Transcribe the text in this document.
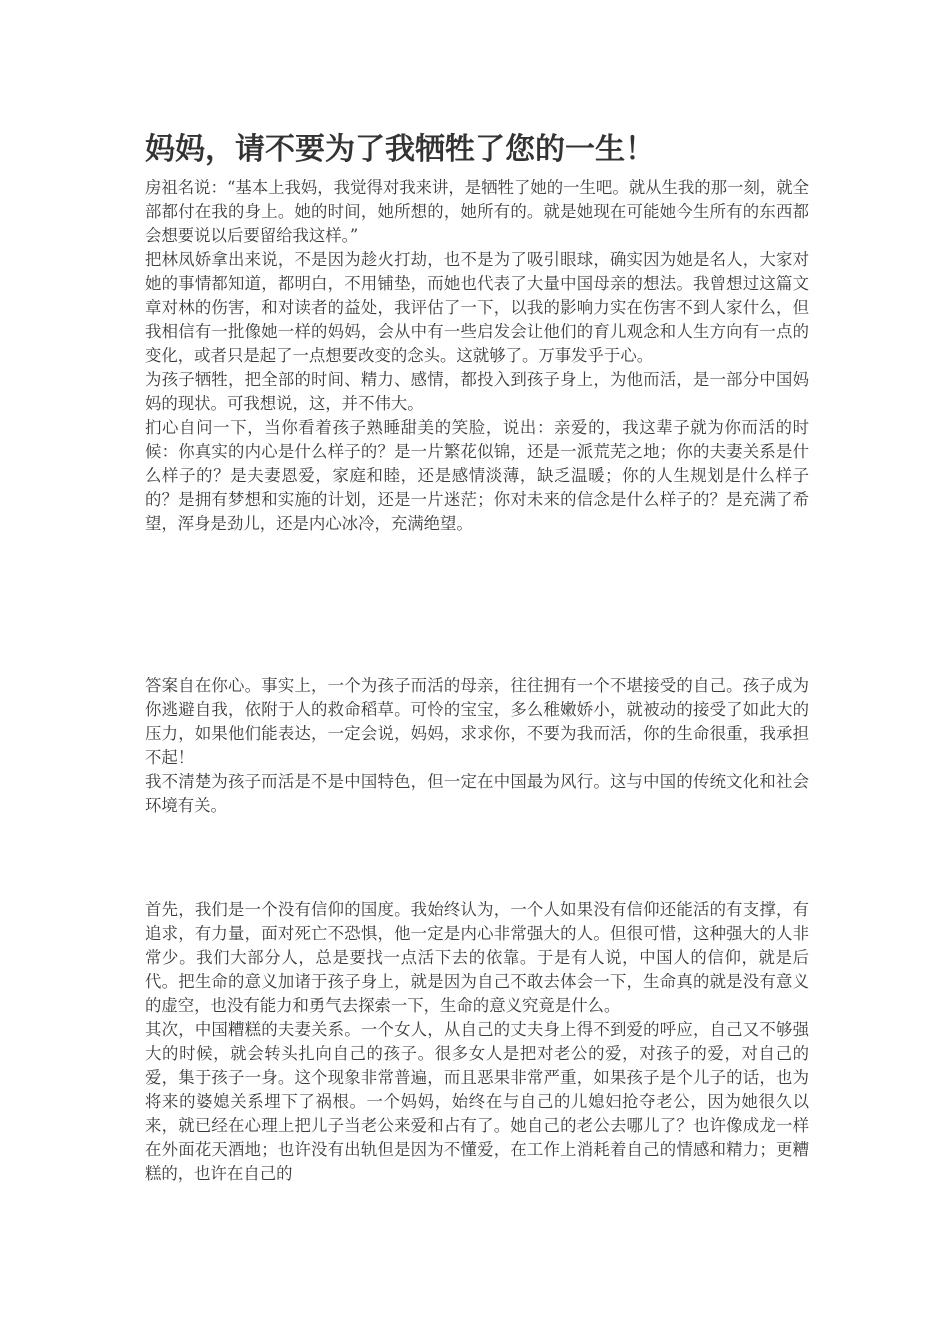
妈妈，请不要为了我牺牲了您的一生！

房祖名说：“基本上我妈，我觉得对我来讲，是牺牲了她的一生吧。就从生我的那一刻，就全部都付在我的身上。她的时间，她所想的，她所有的。就是她现在可能她今生所有的东西都会想要说以后要留给我这样。”

把林凤娇拿出来说，不是因为趁火打劫，也不是为了吸引眼球，确实因为她是名人，大家对她的事情都知道，都明白，不用铺垫，而她也代表了大量中国母亲的想法。我曾想过这篇文章对林的伤害，和对读者的益处，我评估了一下，以我的影响力实在伤害不到人家什么，但我相信有一批像她一样的妈妈，会从中有一些启发会让他们的育儿观念和人生方向有一点的变化，或者只是起了一点想要改变的念头。这就够了。万事发乎于心。

为孩子牺牲，把全部的时间、精力、感情，都投入到孩子身上，为他而活，是一部分中国妈妈的现状。可我想说，这，并不伟大。

扪心自问一下，当你看着孩子熟睡甜美的笑脸，说出：亲爱的，我这辈子就为你而活的时候：你真实的内心是什么样子的？是一片繁花似锦，还是一派荒芜之地；你的夫妻关系是什么样子的？是夫妻恩爱，家庭和睦，还是感情淡薄，缺乏温暖；你的人生规划是什么样子的？是拥有梦想和实施的计划，还是一片迷茫；你对未来的信念是什么样子的？是充满了希望，浑身是劲儿，还是内心冰冷，充满绝望。

答案自在你心。事实上，一个为孩子而活的母亲，往往拥有一个不堪接受的自己。孩子成为你逃避自我，依附于人的救命稻草。可怜的宝宝，多么稚嫩娇小，就被动的接受了如此大的压力，如果他们能表达，一定会说，妈妈，求求你，不要为我而活，你的生命很重，我承担不起！

我不清楚为孩子而活是不是中国特色，但一定在中国最为风行。这与中国的传统文化和社会环境有关。

首先，我们是一个没有信仰的国度。我始终认为，一个人如果没有信仰还能活的有支撑，有追求，有力量，面对死亡不恐惧，他一定是内心非常强大的人。但很可惜，这种强大的人非常少。我们大部分人，总是要找一点活下去的依靠。于是有人说，中国人的信仰，就是后代。把生命的意义加诸于孩子身上，就是因为自己不敢去体会一下，生命真的就是没有意义的虚空，也没有能力和勇气去探索一下，生命的意义究竟是什么。

其次，中国糟糕的夫妻关系。一个女人，从自己的丈夫身上得不到爱的呼应，自己又不够强大的时候，就会转头扎向自己的孩子。很多女人是把对老公的爱，对孩子的爱，对自己的爱，集于孩子一身。这个现象非常普遍，而且恶果非常严重，如果孩子是个儿子的话，也为将来的婆媳关系埋下了祸根。一个妈妈，始终在与自己的儿媳妇抢夺老公，因为她很久以来，就已经在心理上把儿子当老公来爱和占有了。她自己的老公去哪儿了？也许像成龙一样在外面花天酒地；也许没有出轨但是因为不懂爱，在工作上消耗着自己的情感和精力；更糟糕的，也许在自己的
